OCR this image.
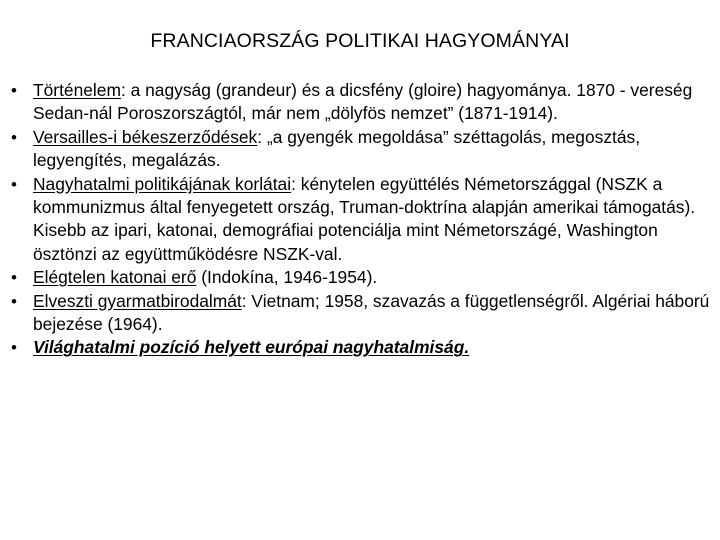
FRANCIAORSZÁG POLITIKAI HAGYOMÁNYAI
• Történelem: a nagyság (grandeur) és a dicsfény (gloire) hagyománya. 1870 - vereség Sedan-nál Poroszországtól, már nem „dölyfös nemzet” (1871-1914).
• Versailles-i békeszerződések: „a gyengék megoldása” széttagolás, megosztás, legyengítés, megalázás.
• Nagyhatalmi politikájának korlátai: kénytelen együttélés Németországgal (NSZK a kommunizmus által fenyegetett ország, Truman-doktrína alapján amerikai támogatás). Kisebb az ipari, katonai, demográfiai potenciálja mint Németországé, Washington ösztönzi az együttműködésre NSZK-val.
• Elégtelen katonai erő (Indokína, 1946-1954).
• Elveszti gyarmatbirodalmát: Vietnam; 1958, szavazás a függetlenségről. Algériai háború bejezése (1964).
• Világhatalmi pozíció helyett európai nagyhatalmiság.
